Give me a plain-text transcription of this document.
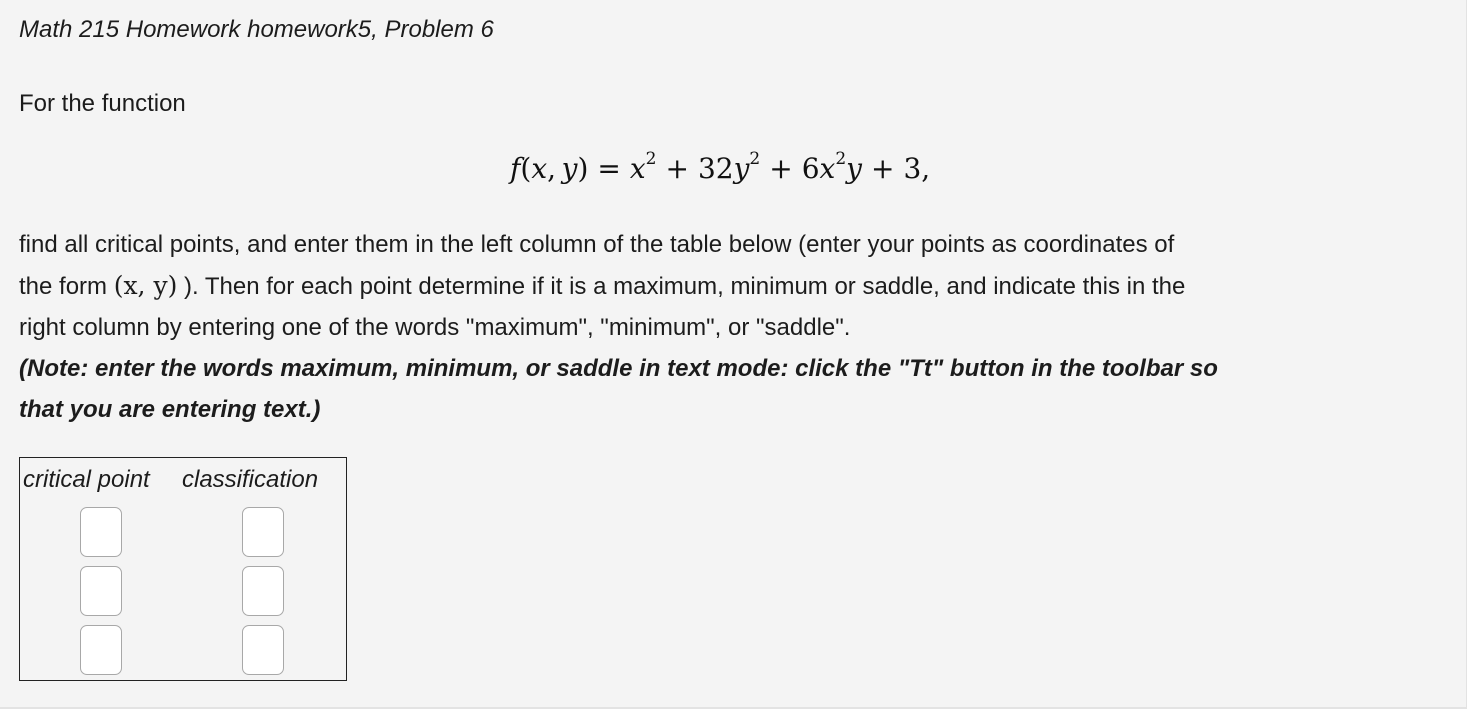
Math 215 Homework homework5, Problem 6
For the function
f(x,  $y) = x^2 + 32y^2 + 6x^2y + 3$,
find all critical points, and enter them in the left column of the table below (enter your points as coordinates of
the form (x, y) ). Then for each point determine if it is a maximum, minimum or saddle, and indicate this in the
right column by entering one of the words "maximum", "minimum", or "saddle".
(Note: enter the words maximum, minimum, or saddle in text mode: click the "Tt" button in the toolbar so
that you are entering text.)
critical point classification
